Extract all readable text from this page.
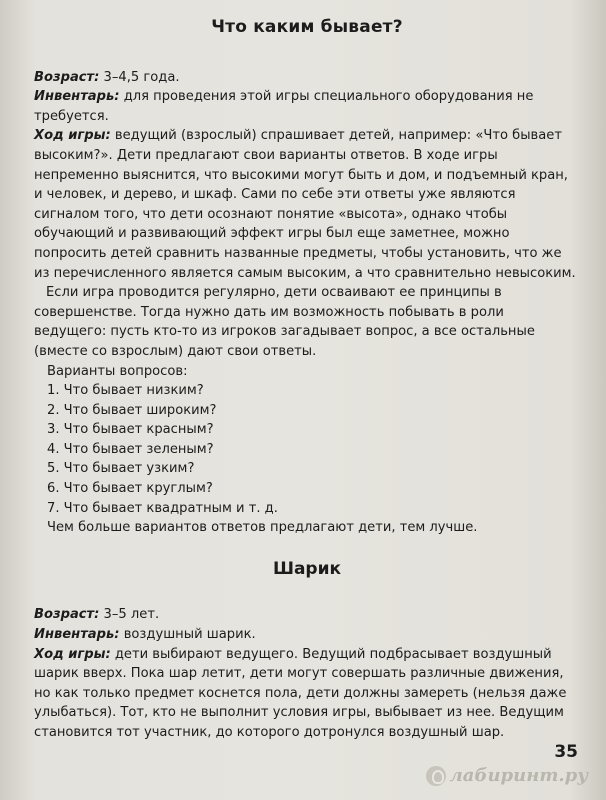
Что каким бывает?

Возраст: 3–4,5 года.

Инвентарь: для проведения этой игры специального оборудования не требуется.

Ход игры: ведущий (взрослый) спрашивает детей, например: «Что бывает высоким?». Дети предлагают свои варианты ответов. В ходе игры непременно выяснится, что высокими могут быть и дом, и подъемный кран, и человек, и дерево, и шкаф. Сами по себе эти ответы уже являются сигналом того, что дети осознают понятие «высота», однако чтобы обучающий и развивающий эффект игры был еще заметнее, можно попросить детей сравнить названные предметы, чтобы установить, что же из перечисленного является самым высоким, а что сравнительно невысоким.

Если игра проводится регулярно, дети осваивают ее принципы в совершенстве. Тогда нужно дать им возможность побывать в роли ведущего: пусть кто-то из игроков загадывает вопрос, а все остальные (вместе со взрослым) дают свои ответы.

Варианты вопросов:

1. Что бывает низким?
2. Что бывает широким?
3. Что бывает красным?
4. Что бывает зеленым?
5. Что бывает узким?
6. Что бывает круглым?
7. Что бывает квадратным и т. д.

Чем больше вариантов ответов предлагают дети, тем лучше.

Шарик

Возраст: 3–5 лет.

Инвентарь: воздушный шарик.

Ход игры: дети выбирают ведущего. Ведущий подбрасывает воздушный шарик вверх. Пока шар летит, дети могут совершать различные движения, но как только предмет коснется пола, дети должны замереть (нельзя даже улыбаться). Тот, кто не выполнит условия игры, выбывает из нее. Ведущим становится тот участник, до которого дотронулся воздушный шар.

35
лабиринт.ру
